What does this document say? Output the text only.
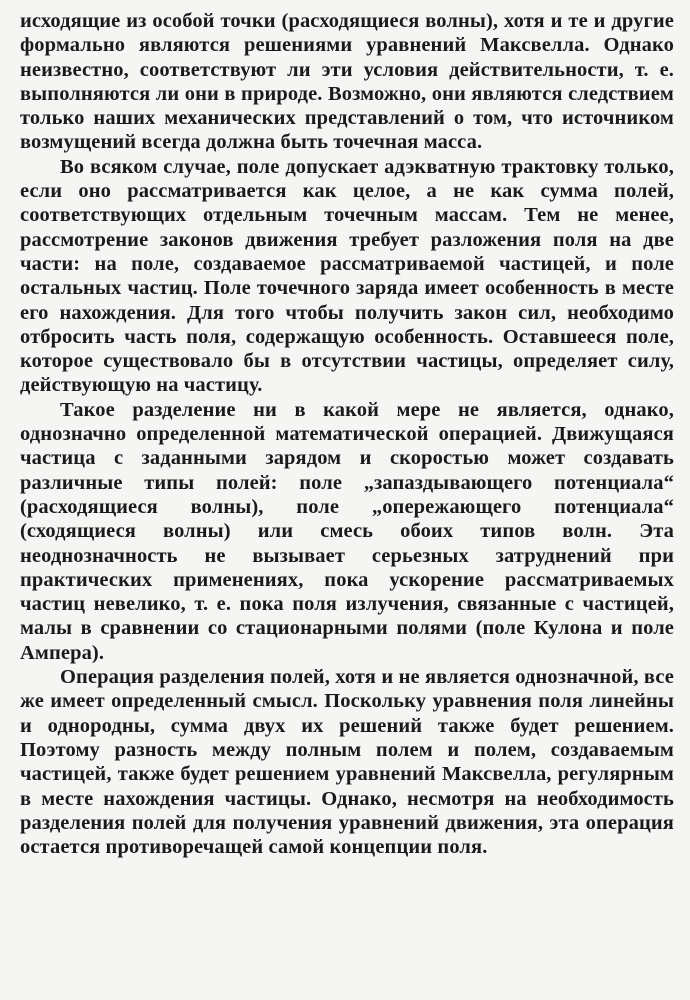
исходящие из особой точки (расходящиеся волны), хотя и те и другие формально являются решениями уравнений Максвелла. Однако неизвестно, соответствуют ли эти условия действительности, т. е. выполняются ли они в природе. Возможно, они являются следствием только наших механических представлений о том, что источником возмущений всегда должна быть точечная масса.

Во всяком случае, поле допускает адэкватную трактовку только, если оно рассматривается как целое, а не как сумма полей, соответствующих отдельным точечным массам. Тем не менее, рассмотрение законов движения требует разложения поля на две части: на поле, создаваемое рассматриваемой частицей, и поле остальных частиц. Поле точечного заряда имеет особенность в месте его нахождения. Для того чтобы получить закон сил, необходимо отбросить часть поля, содержащую особенность. Оставшееся поле, которое существовало бы в отсутствии частицы, определяет силу, действующую на частицу.

Такое разделение ни в какой мере не является, однако, однозначно определенной математической операцией. Движущаяся частица с заданными зарядом и скоростью может создавать различные типы полей: поле „запаздывающего потенциала“ (расходящиеся волны), поле „опережающего потенциала“ (сходящиеся волны) или смесь обоих типов волн. Эта неоднозначность не вызывает серьезных затруднений при практических применениях, пока ускорение рассматриваемых частиц невелико, т. е. пока поля излучения, связанные с частицей, малы в сравнении со стационарными полями (поле Кулона и поле Ампера).

Операция разделения полей, хотя и не является однозначной, все же имеет определенный смысл. Поскольку уравнения поля линейны и однородны, сумма двух их решений также будет решением. Поэтому разность между полным полем и полем, создаваемым частицей, также будет решением уравнений Максвелла, регулярным в месте нахождения частицы. Однако, несмотря на необходимость разделения полей для получения уравнений движения, эта операция остается противоречащей самой концепции поля.
